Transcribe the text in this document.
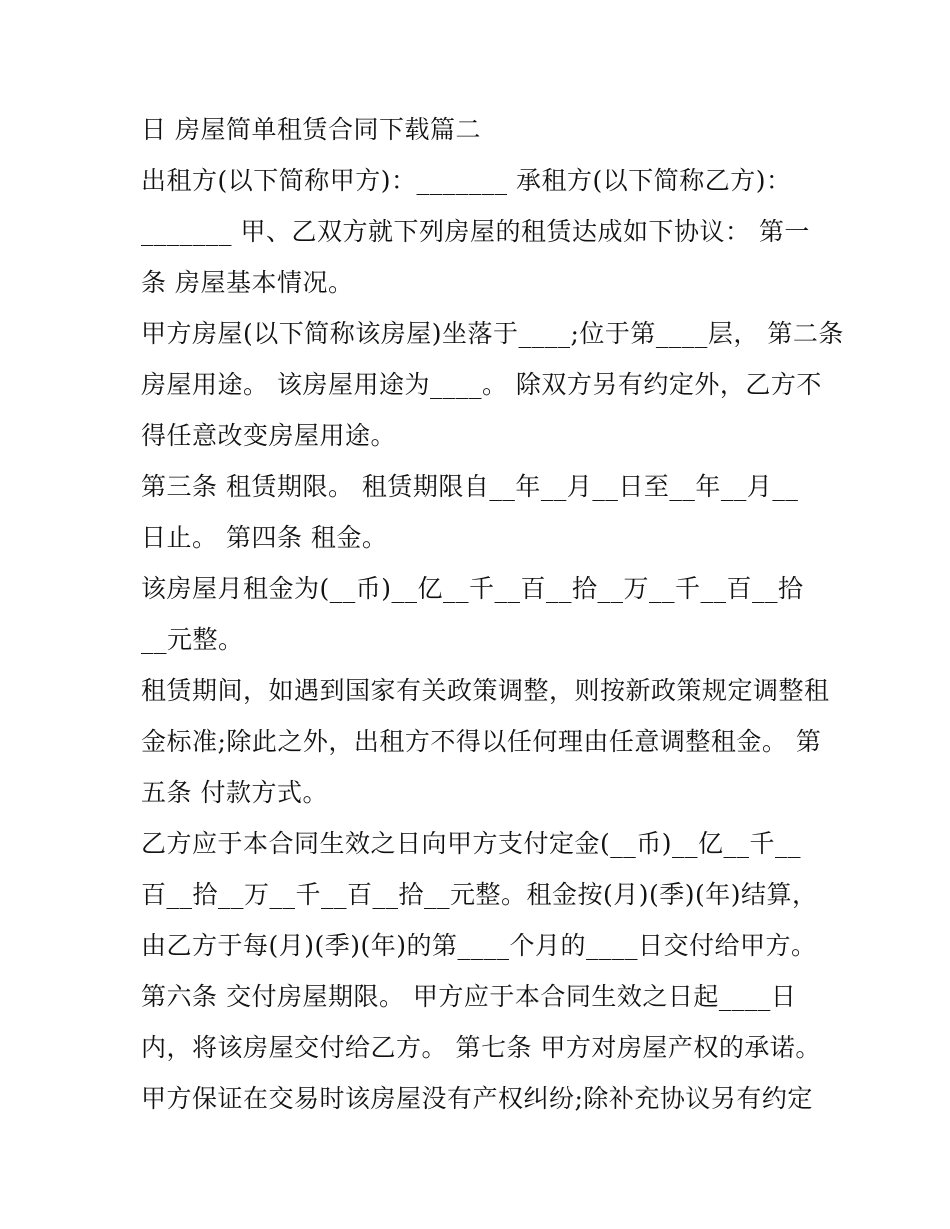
日 房屋简单租赁合同下载篇二
出租方(以下简称甲方)：_______ 承租方(以下简称乙方)：
_______ 甲、乙双方就下列房屋的租赁达成如下协议： 第一
条 房屋基本情况。
甲方房屋(以下简称该房屋)坐落于____;位于第____层， 第二条
房屋用途。 该房屋用途为____。 除双方另有约定外，乙方不
得任意改变房屋用途。
第三条 租赁期限。 租赁期限自__年__月__日至__年__月__
日止。 第四条 租金。
该房屋月租金为(__币)__亿__千__百__拾__万__千__百__拾
__元整。
租赁期间，如遇到国家有关政策调整，则按新政策规定调整租
金标准;除此之外，出租方不得以任何理由任意调整租金。 第
五条 付款方式。
乙方应于本合同生效之日向甲方支付定金(__币)__亿__千__
百__拾__万__千__百__拾__元整。租金按(月)(季)(年)结算，
由乙方于每(月)(季)(年)的第____个月的____日交付给甲方。
第六条 交付房屋期限。 甲方应于本合同生效之日起____日
内，将该房屋交付给乙方。 第七条 甲方对房屋产权的承诺。
甲方保证在交易时该房屋没有产权纠纷;除补充协议另有约定
